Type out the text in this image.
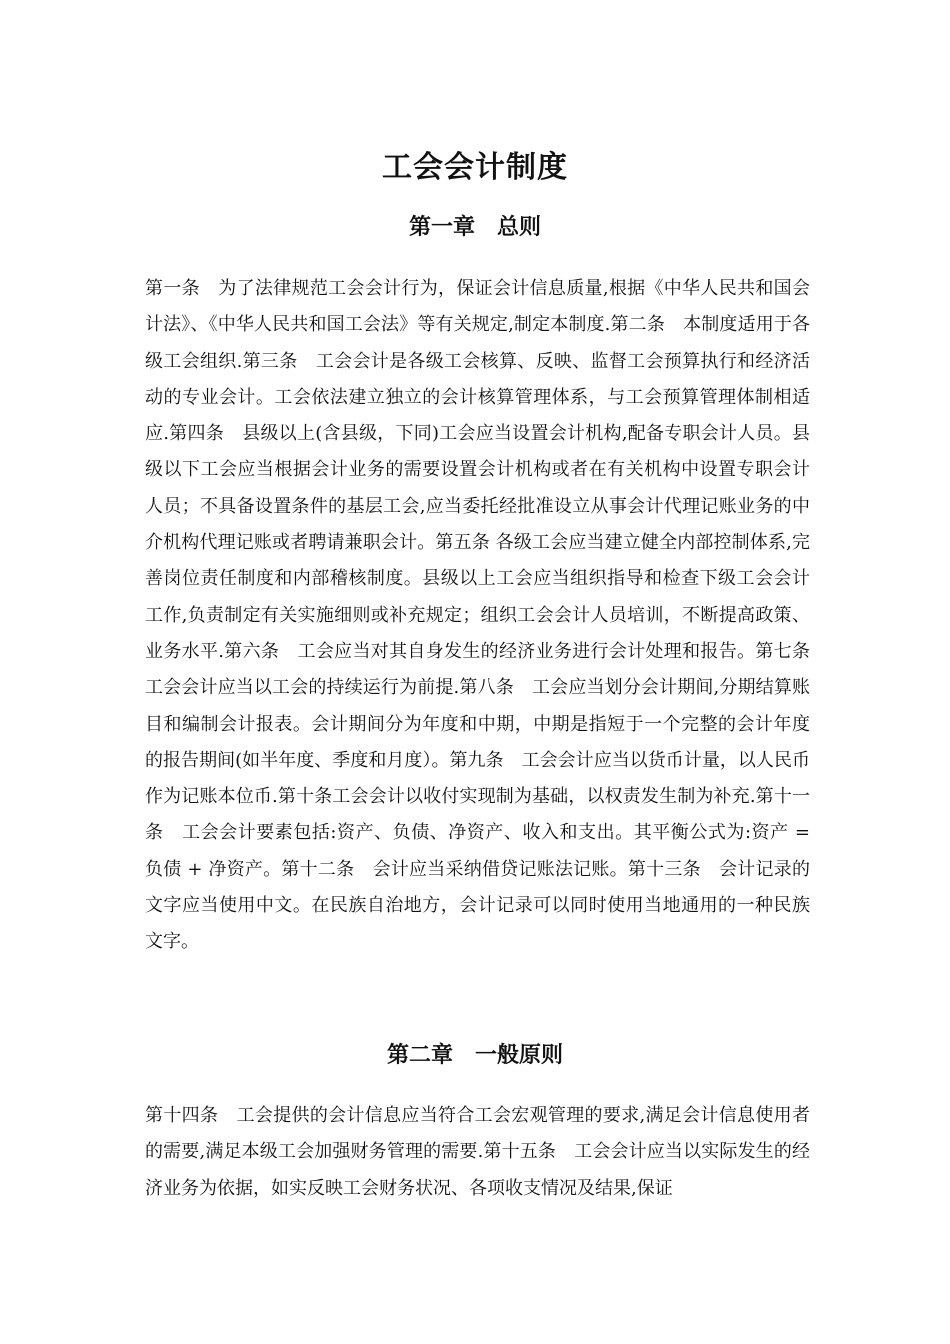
工会会计制度
第一章　总则

第一条　为了法律规范工会会计行为，保证会计信息质量,根据《中华人民共和国会计法》、《中华人民共和国工会法》等有关规定,制定本制度.第二条　本制度适用于各级工会组织.第三条　工会会计是各级工会核算、反映、监督工会预算执行和经济活动的专业会计。工会依法建立独立的会计核算管理体系，与工会预算管理体制相适应.第四条　县级以上(含县级，下同)工会应当设置会计机构,配备专职会计人员。县级以下工会应当根据会计业务的需要设置会计机构或者在有关机构中设置专职会计人员；不具备设置条件的基层工会,应当委托经批准设立从事会计代理记账业务的中介机构代理记账或者聘请兼职会计。第五条 各级工会应当建立健全内部控制体系,完善岗位责任制度和内部稽核制度。县级以上工会应当组织指导和检查下级工会会计工作,负责制定有关实施细则或补充规定；组织工会会计人员培训，不断提高政策、业务水平.第六条　工会应当对其自身发生的经济业务进行会计处理和报告。第七条　工会会计应当以工会的持续运行为前提.第八条　工会应当划分会计期间,分期结算账目和编制会计报表。会计期间分为年度和中期，中期是指短于一个完整的会计年度的报告期间(如半年度、季度和月度）。第九条　工会会计应当以货币计量，以人民币作为记账本位币.第十条工会会计以收付实现制为基础，以权责发生制为补充.第十一条　工会会计要素包括:资产、负债、净资产、收入和支出。其平衡公式为:资产 = 负债 + 净资产。第十二条　会计应当采纳借贷记账法记账。第十三条　会计记录的文字应当使用中文。在民族自治地方，会计记录可以同时使用当地通用的一种民族文字。

第二章　一般原则

第十四条　工会提供的会计信息应当符合工会宏观管理的要求,满足会计信息使用者的需要,满足本级工会加强财务管理的需要.第十五条　工会会计应当以实际发生的经济业务为依据，如实反映工会财务状况、各项收支情况及结果,保证
